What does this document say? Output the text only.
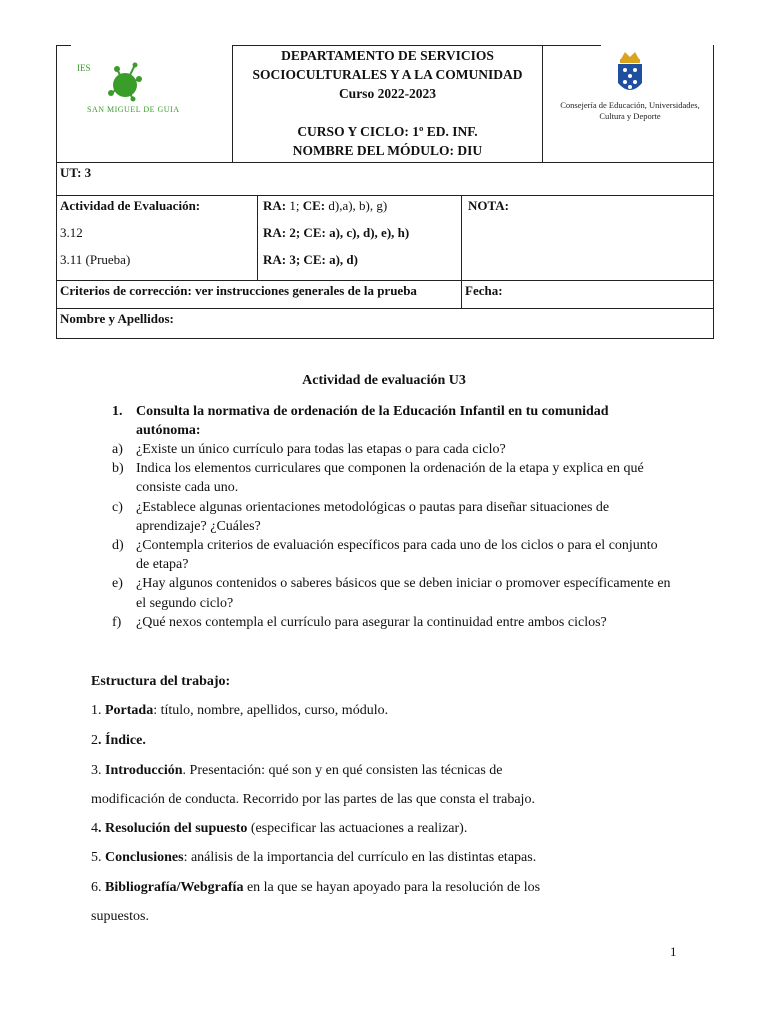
IES
SAN MIGUEL DE GUIA
DEPARTAMENTO DE SERVICIOS
SOCIOCULTURALES Y A LA COMUNIDAD
Curso 2022-2023
CURSO Y CICLO: 1º ED. INF.
NOMBRE DEL MÓDULO: DIU
Consejería de Educación, Universidades, Cultura y Deporte
UT: 3
Actividad de Evaluación:
3.12
3.11 (Prueba)
RA: 1; CE: d),a), b), g)
RA: 2; CE: a), c), d), e), h)
RA: 3; CE: a), d)
NOTA:
Criterios de corrección: ver instrucciones generales de la prueba	Fecha:
Nombre y Apellidos:
Actividad de evaluación U3
1. Consulta la normativa de ordenación de la Educación Infantil en tu comunidad autónoma:
a) ¿Existe un único currículo para todas las etapas o para cada ciclo?
b) Indica los elementos curriculares que componen la ordenación de la etapa y explica en qué consiste cada uno.
c) ¿Establece algunas orientaciones metodológicas o pautas para diseñar situaciones de aprendizaje? ¿Cuáles?
d) ¿Contempla criterios de evaluación específicos para cada uno de los ciclos o para el conjunto de etapa?
e) ¿Hay algunos contenidos o saberes básicos que se deben iniciar o promover específicamente en el segundo ciclo?
f) ¿Qué nexos contempla el currículo para asegurar la continuidad entre ambos ciclos?
Estructura del trabajo:
1. Portada: título, nombre, apellidos, curso, módulo.
2. Índice.
3. Introducción. Presentación: qué son y en qué consisten las técnicas de
modificación de conducta. Recorrido por las partes de las que consta el trabajo.
4. Resolución del supuesto (especificar las actuaciones a realizar).
5. Conclusiones: análisis de la importancia del currículo en las distintas etapas.
6. Bibliografía/Webgrafía en la que se hayan apoyado para la resolución de los
supuestos.
1
